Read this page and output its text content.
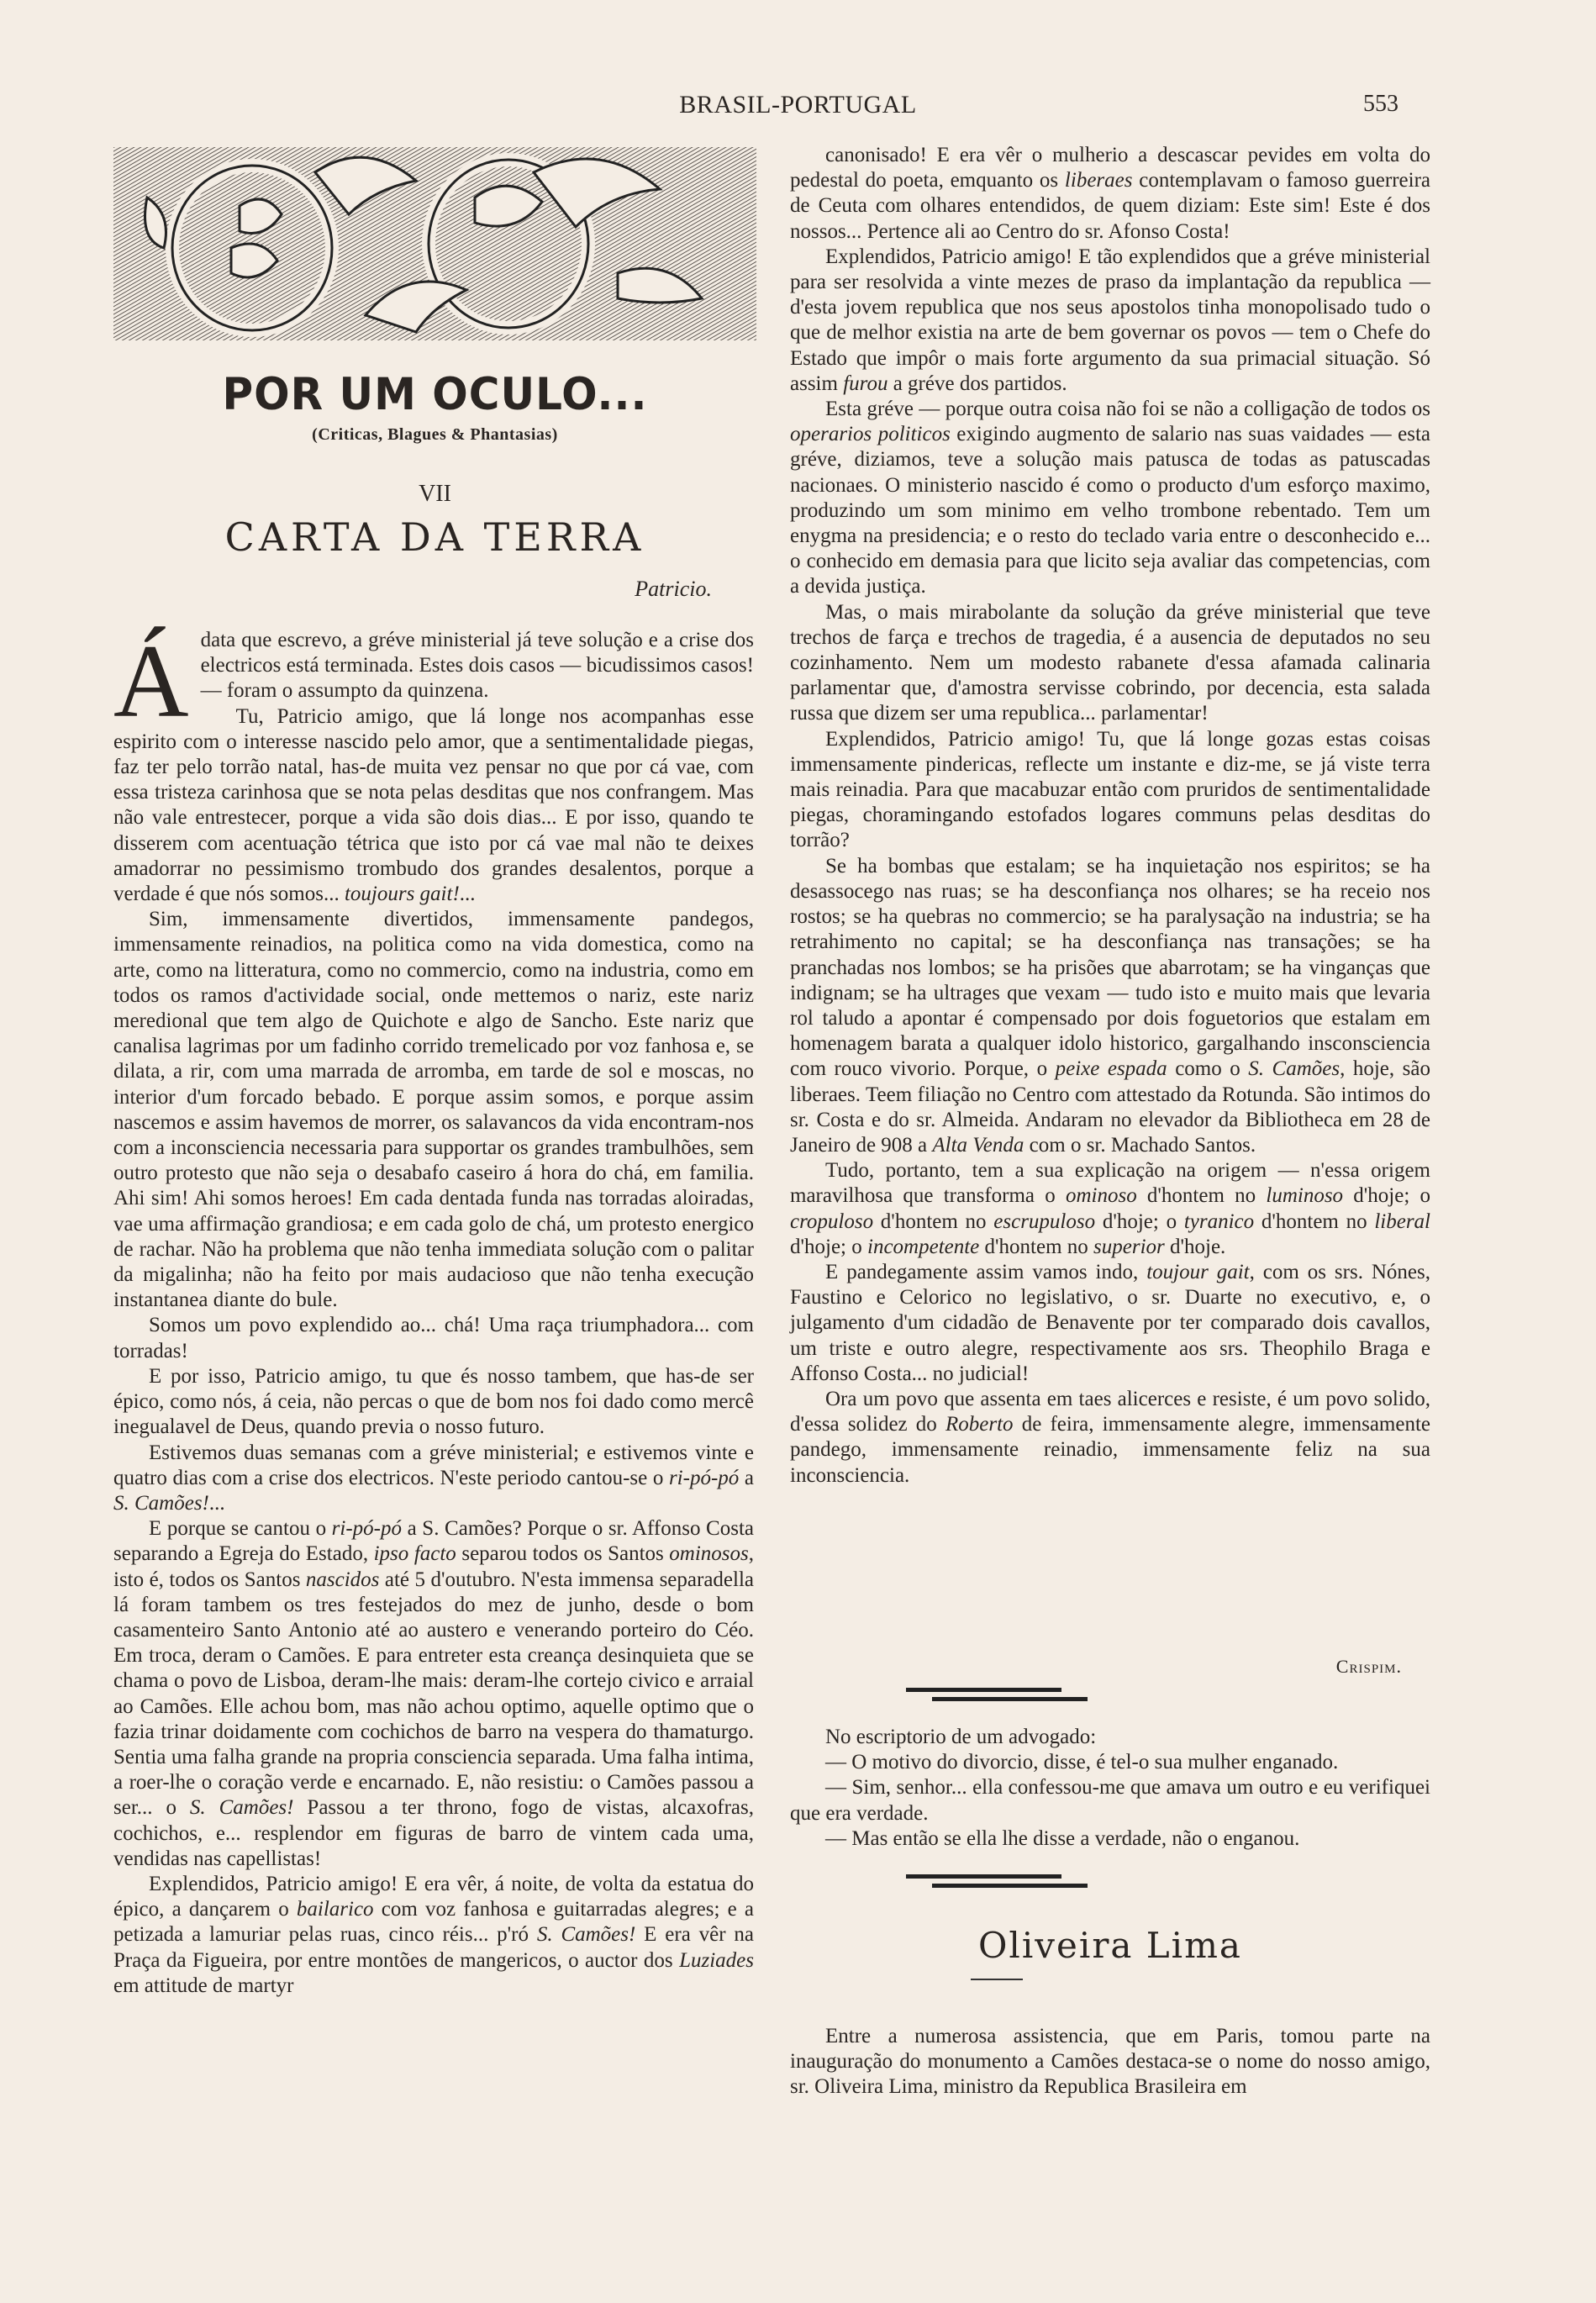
BRASIL-PORTUGAL	553
POR UM OCULO...
(Criticas, Blagues & Phantasias)
VII
CARTA DA TERRA
Patricio.

Ádata que escrevo, a gréve ministerial já teve solução e a crise dos electricos está terminada. Estes dois casos — bicudissimos casos! — foram o assumpto da quinzena.

Tu, Patricio amigo, que lá longe nos acompanhas esse espirito com o interesse nascido pelo amor, que a sentimentalidade piegas, faz ter pelo torrão natal, has-de muita vez pensar no que por cá vae, com essa tristeza carinhosa que se nota pelas desditas que nos confrangem. Mas não vale entrestecer, porque a vida são dois dias... E por isso, quando te disserem com acentuação tétrica que isto por cá vae mal não te deixes amadorrar no pessimismo trombudo dos grandes desalentos, porque a verdade é que nós somos... toujours gait!...

Sim, immensamente divertidos, immensamente pandegos, immensamente reinadios, na politica como na vida domestica, como na arte, como na litteratura, como no commercio, como na industria, como em todos os ramos d'actividade social, onde mettemos o nariz, este nariz meredional que tem algo de Quichote e algo de Sancho. Este nariz que canalisa lagrimas por um fadinho corrido tremelicado por voz fanhosa e, se dilata, a rir, com uma marrada de arromba, em tarde de sol e moscas, no interior d'um forcado bebado. E porque assim somos, e porque assim nascemos e assim havemos de morrer, os salavancos da vida encontram-nos com a inconsciencia necessaria para supportar os grandes trambulhões, sem outro protesto que não seja o desabafo caseiro á hora do chá, em familia. Ahi sim! Ahi somos heroes! Em cada dentada funda nas torradas aloiradas, vae uma affirmação grandiosa; e em cada golo de chá, um protesto energico de rachar. Não ha problema que não tenha immediata solução com o palitar da migalinha; não ha feito por mais audacioso que não tenha execução instantanea diante do bule.

Somos um povo explendido ao... chá! Uma raça triumphadora... com torradas!

E por isso, Patricio amigo, tu que és nosso tambem, que has-de ser épico, como nós, á ceia, não percas o que de bom nos foi dado como mercê inegualavel de Deus, quando previa o nosso futuro.

Estivemos duas semanas com a gréve ministerial; e estivemos vinte e quatro dias com a crise dos electricos. N'este periodo cantou-se o ri-pó-pó a S. Camões!...

E porque se cantou o ri-pó-pó a S. Camões? Porque o sr. Affonso Costa separando a Egreja do Estado, ipso facto separou todos os Santos ominosos, isto é, todos os Santos nascidos até 5 d'outubro. N'esta immensa separadella lá foram tambem os tres festejados do mez de junho, desde o bom casamenteiro Santo Antonio até ao austero e venerando porteiro do Céo. Em troca, deram o Camões. E para entreter esta creança desinquieta que se chama o povo de Lisboa, deram-lhe mais: deram-lhe cortejo civico e arraial ao Camões. Elle achou bom, mas não achou optimo, aquelle optimo que o fazia trinar doidamente com cochichos de barro na vespera do thamaturgo. Sentia uma falha grande na propria consciencia separada. Uma falha intima, a roer-lhe o coração verde e encarnado. E, não resistiu: o Camões passou a ser... o S. Camões! Passou a ter throno, fogo de vistas, alcaxofras, cochichos, e... resplendor em figuras de barro de vintem cada uma, vendidas nas capellistas!

Explendidos, Patricio amigo! E era vêr, á noite, de volta da estatua do épico, a dançarem o bailarico com voz fanhosa e guitarradas alegres; e a petizada a lamuriar pelas ruas, cinco réis... p'ró S. Camões! E era vêr na Praça da Figueira, por entre montões de mangericos, o auctor dos Luziades em attitude de martyr

canonisado! E era vêr o mulherio a descascar pevides em volta do pedestal do poeta, emquanto os liberaes contemplavam o famoso guerreira de Ceuta com olhares entendidos, de quem diziam: Este sim! Este é dos nossos... Pertence ali ao Centro do sr. Afonso Costa!

Explendidos, Patricio amigo! E tão explendidos que a gréve ministerial para ser resolvida a vinte mezes de praso da implantação da republica — d'esta jovem republica que nos seus apostolos tinha monopolisado tudo o que de melhor existia na arte de bem governar os povos — tem o Chefe do Estado que impôr o mais forte argumento da sua primacial situação. Só assim furou a gréve dos partidos.

Esta gréve — porque outra coisa não foi se não a colligação de todos os operarios politicos exigindo augmento de salario nas suas vaidades — esta gréve, diziamos, teve a solução mais patusca de todas as patuscadas nacionaes. O ministerio nascido é como o producto d'um esforço maximo, produzindo um som minimo em velho trombone rebentado. Tem um enygma na presidencia; e o resto do teclado varia entre o desconhecido e... o conhecido em demasia para que licito seja avaliar das competencias, com a devida justiça.

Mas, o mais mirabolante da solução da gréve ministerial que teve trechos de farça e trechos de tragedia, é a ausencia de deputados no seu cozinhamento. Nem um modesto rabanete d'essa afamada calinaria parlamentar que, d'amostra servisse cobrindo, por decencia, esta salada russa que dizem ser uma republica... parlamentar!

Explendidos, Patricio amigo! Tu, que lá longe gozas estas coisas immensamente pindericas, reflecte um instante e diz-me, se já viste terra mais reinadia. Para que macabuzar então com pruridos de sentimentalidade piegas, choramingando estofados logares communs pelas desditas do torrão?

Se ha bombas que estalam; se ha inquietação nos espiritos; se ha desassocego nas ruas; se ha desconfiança nos olhares; se ha receio nos rostos; se ha quebras no commercio; se ha paralysação na industria; se ha retrahimento no capital; se ha desconfiança nas transações; se ha pranchadas nos lombos; se ha prisões que abarrotam; se ha vinganças que indignam; se ha ultrages que vexam — tudo isto e muito mais que levaria rol taludo a apontar é compensado por dois foguetorios que estalam em homenagem barata a qualquer idolo historico, gargalhando insconsciencia com rouco vivorio. Porque, o peixe espada como o S. Camões, hoje, são liberaes. Teem filiação no Centro com attestado da Rotunda. São intimos do sr. Costa e do sr. Almeida. Andaram no elevador da Bibliotheca em 28 de Janeiro de 908 a Alta Venda com o sr. Machado Santos.

Tudo, portanto, tem a sua explicação na origem — n'essa origem maravilhosa que transforma o ominoso d'hontem no luminoso d'hoje; o cropuloso d'hontem no escrupuloso d'hoje; o tyranico d'hontem no liberal d'hoje; o incompetente d'hontem no superior d'hoje.

E pandegamente assim vamos indo, toujour gait, com os srs. Nónes, Faustino e Celorico no legislativo, o sr. Duarte no executivo, e, o julgamento d'um cidadão de Benavente por ter comparado dois cavallos, um triste e outro alegre, respectivamente aos srs. Theophilo Braga e Affonso Costa... no judicial!

Ora um povo que assenta em taes alicerces e resiste, é um povo solido, d'essa solidez do Roberto de feira, immensamente alegre, immensamente pandego, immensamente reinadio, immensamente feliz na sua inconsciencia.

Crispim.

No escriptorio de um advogado:

— O motivo do divorcio, disse, é tel-o sua mulher enganado.

— Sim, senhor... ella confessou-me que amava um outro e eu verifiquei que era verdade.

— Mas então se ella lhe disse a verdade, não o enganou.

Oliveira Lima

Entre a numerosa assistencia, que em Paris, tomou parte na inauguração do monumento a Camões destaca-se o nome do nosso amigo, sr. Oliveira Lima, ministro da Republica Brasileira em
